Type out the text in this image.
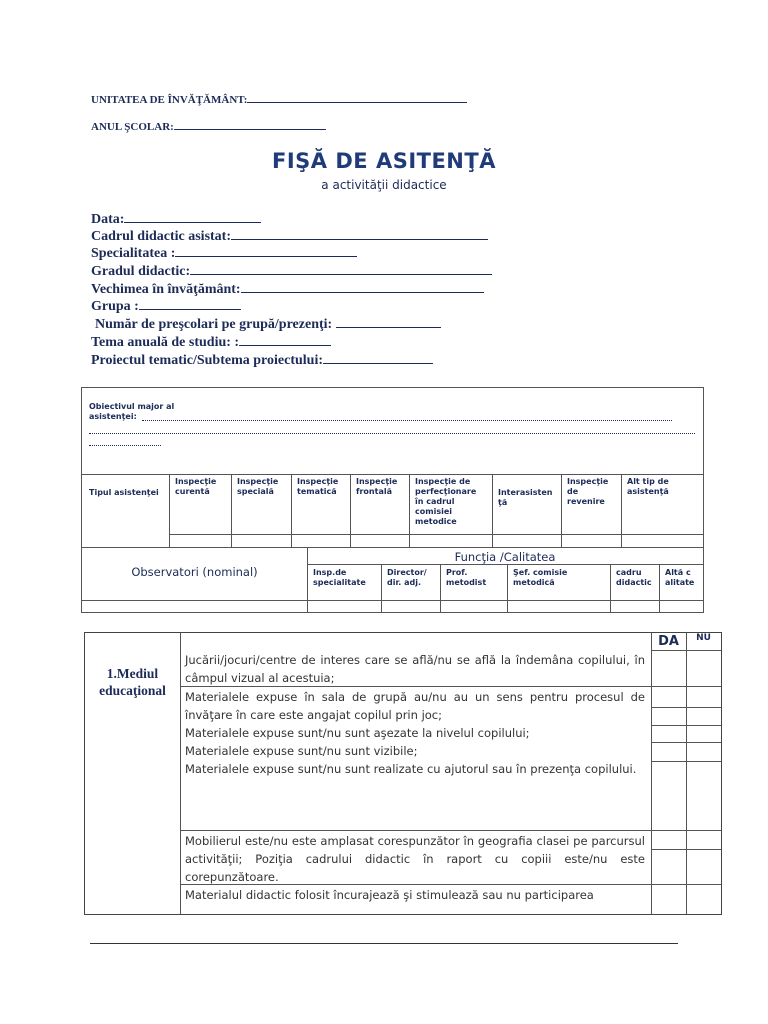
UNITATEA DE ÎNVĂŢĂMÂNT:
ANUL ŞCOLAR:
FIŞĂ DE ASITENŢĂ
a activităţii didactice
Data:
Cadrul didactic asistat:
Specialitatea :
Gradul didactic:
Vechimea în învăţământ:
Grupa :
Număr de preşcolari pe grupă/prezenţi:
Tema anuală de studiu: :
Proiectul tematic/Subtema proiectului:
Obiectivul major al asistenţei:
Tipul asistenţei
Inspecţie curentă
Inspecţie specială
Inspecţie tematică
Inspecţie frontală
Inspecţie de perfecţionare în cadrul comisiei metodice
Interasistenţă
Inspecţie de revenire
Alt tip de asistenţă
Observatori (nominal)
Funcţia /Calitatea
Insp.de specialitate
Director/ dir. adj.
Prof. metodist
Şef. comisie metodică
cadru didactic
Altă calitate
1.Mediul educaţional
DA	NU
Jucării/jocuri/centre de interes care se află/nu se află la îndemâna copilului, în câmpul vizual al acestuia;
Materialele expuse în sala de grupă au/nu au un sens pentru procesul de învăţare în care este angajat copilul prin joc;
Materialele expuse sunt/nu sunt aşezate la nivelul copilului;
Materialele expuse sunt/nu sunt vizibile;
Materialele expuse sunt/nu sunt realizate cu ajutorul sau în prezenţa copilului.
Mobilierul este/nu este amplasat corespunzător în geografia clasei pe parcursul activităţii; Poziţia cadrului didactic în raport cu copiii este/nu este corepunzătoare.
Materialul didactic folosit încurajează şi stimulează sau nu participarea
